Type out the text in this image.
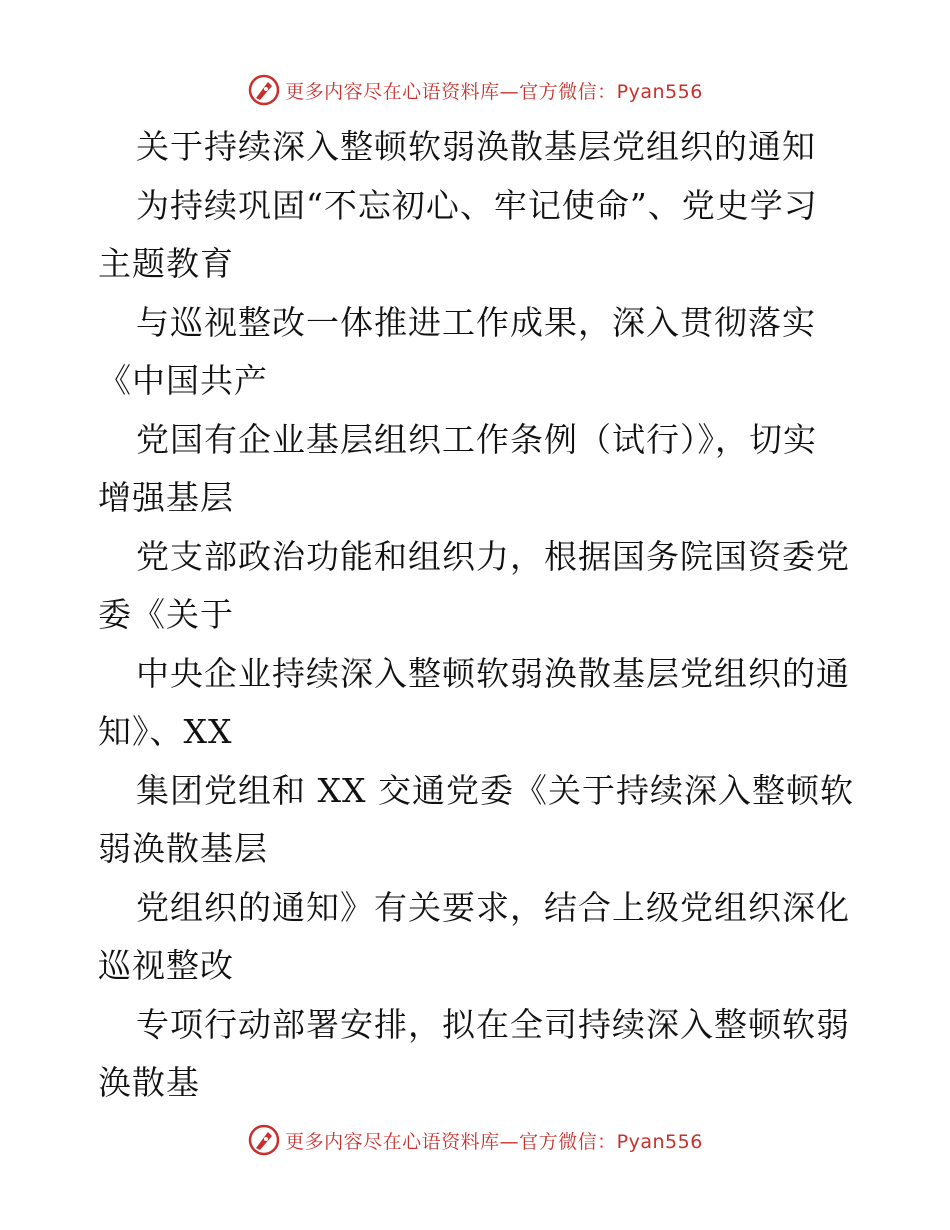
更多内容尽在心语资料库—官方微信：Pyan556
关于持续深入整顿软弱涣散基层党组织的通知
为持续巩固“不忘初心、牢记使命”、党史学习
主题教育
与巡视整改一体推进工作成果，深入贯彻落实
《中国共产
党国有企业基层组织工作条例（试行）》，切实
增强基层
党支部政治功能和组织力，根据国务院国资委党
委《关于
中央企业持续深入整顿软弱涣散基层党组织的通
知》、XX
集团党组和 XX 交通党委《关于持续深入整顿软
弱涣散基层
党组织的通知》有关要求，结合上级党组织深化
巡视整改
专项行动部署安排，拟在全司持续深入整顿软弱
涣散基
更多内容尽在心语资料库—官方微信：Pyan556
